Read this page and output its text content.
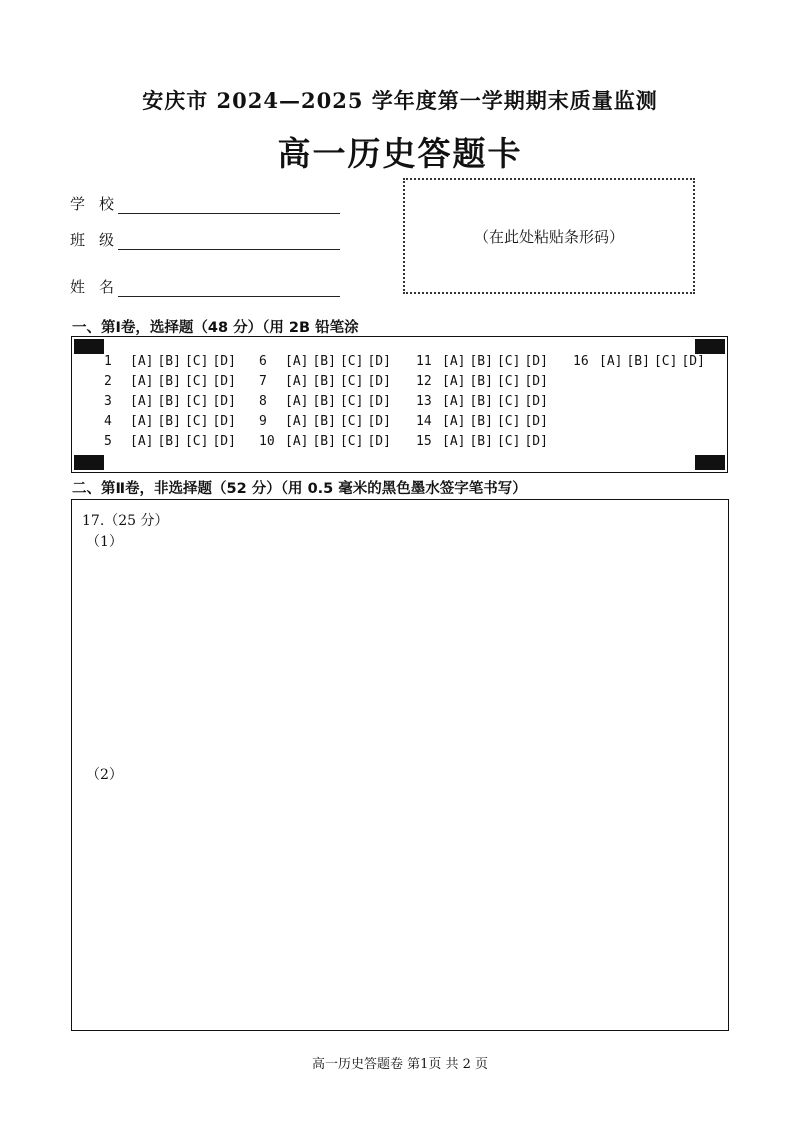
安庆市 2024—2025 学年度第一学期期末质量监测
高一历史答题卡
学校
班级
姓名
（在此处粘贴条形码）
一、第Ⅰ卷，选择题（48 分）（用 2B 铅笔涂
1 [A] [B] [C] [D]
2 [A] [B] [C] [D]
3 [A] [B] [C] [D]
4 [A] [B] [C] [D]
5 [A] [B] [C] [D]
6 [A] [B] [C] [D]
7 [A] [B] [C] [D]
8 [A] [B] [C] [D]
9 [A] [B] [C] [D]
10 [A] [B] [C] [D]
11 [A] [B] [C] [D]
12 [A] [B] [C] [D]
13 [A] [B] [C] [D]
14 [A] [B] [C] [D]
15 [A] [B] [C] [D]
16 [A] [B] [C] [D]
二、第Ⅱ卷，非选择题（52 分）（用 0.5 毫米的黑色墨水签字笔书写）
17.（25 分）
（1）
（2）
高一历史答题卷 第1页 共 2 页
